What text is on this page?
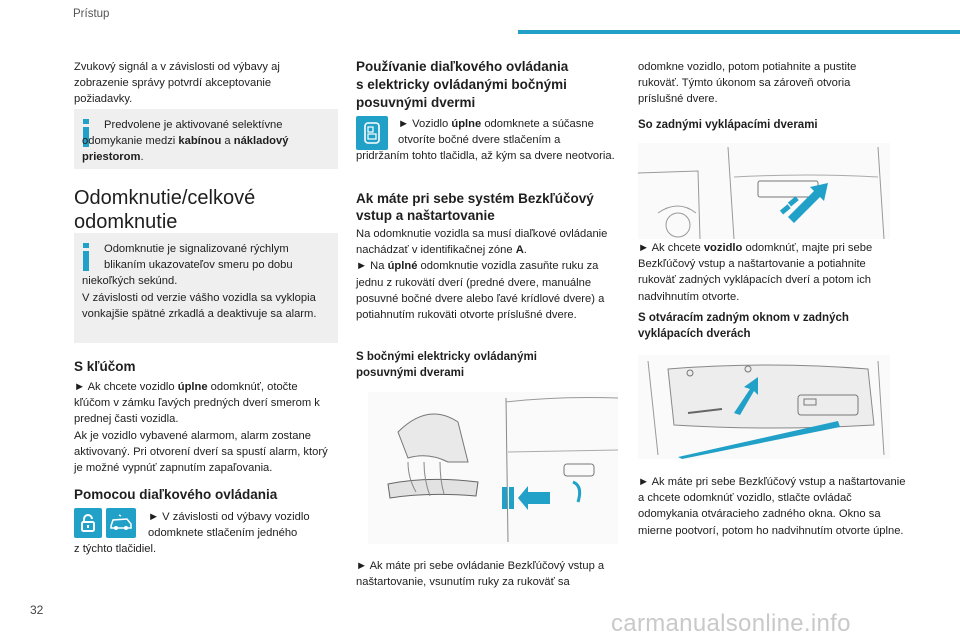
Prístup

Zvukový signál a v závislosti od výbavy aj zobrazenie správy potvrdí akceptovanie požiadavky.

Predvolene je aktivované selektívne odomykanie medzi kabínou a nákladový priestorom.

Odomknutie/celkové
odomknutie

Odomknutie je signalizované rýchlym
blikaním ukazovateľov smeru po dobu
niekoľkých sekúnd.
V závislosti od verzie vášho vozidla sa vyklopia vonkajšie spätné zrkadlá a deaktivuje sa alarm.

S kľúčom

► Ak chcete vozidlo úplne odomknúť, otočte kľúčom v zámku ľavých predných dverí smerom k prednej časti vozidla.
Ak je vozidlo vybavené alarmom, alarm zostane aktivovaný. Pri otvorení dverí sa spustí alarm, ktorý je možné vypnúť zapnutím zapaľovania.

Pomocou diaľkového ovládania

► V závislosti od výbavy vozidlo
odomknete stlačením jedného
z týchto tlačidiel.

Používanie diaľkového ovládania
s elektricky ovládanými bočnými
posuvnými dvermi

► Vozidlo úplne odomknete a súčasne
otvoríte bočné dvere stlačením a
pridržaním tohto tlačidla, až kým sa dvere neotvoria.

Ak máte pri sebe systém Bezkľúčový vstup a naštartovanie

Na odomknutie vozidla sa musí diaľkové ovládanie nachádzať v identifikačnej zóne A.
► Na úplné odomknutie vozidla zasuňte ruku za jednu z rukovätí dverí (predné dvere, manuálne posuvné bočné dvere alebo ľavé krídlové dvere) a potiahnutím rukoväti otvorte príslušné dvere.

S bočnými elektricky ovládanými posuvnými dverami

► Ak máte pri sebe ovládanie Bezkľúčový vstup a naštartovanie, vsunutím ruky za rukoväť sa

odomkne vozidlo, potom potiahnite a pustite rukoväť. Týmto úkonom sa zároveň otvoria príslušné dvere.

So zadnými vyklápacími dverami

► Ak chcete vozidlo odomknúť, majte pri sebe Bezkľúčový vstup a naštartovanie a potiahnite rukoväť zadných vyklápacích dverí a potom ich nadvihnutím otvorte.

S otváracím zadným oknom v zadných vyklápacích dverách

► Ak máte pri sebe Bezkľúčový vstup a naštartovanie a chcete odomknúť vozidlo, stlačte ovládač odomykania otváracieho zadného okna. Okno sa mierne pootvorí, potom ho nadvihnutím otvorte úplne.

32	carmanualsonline.info
